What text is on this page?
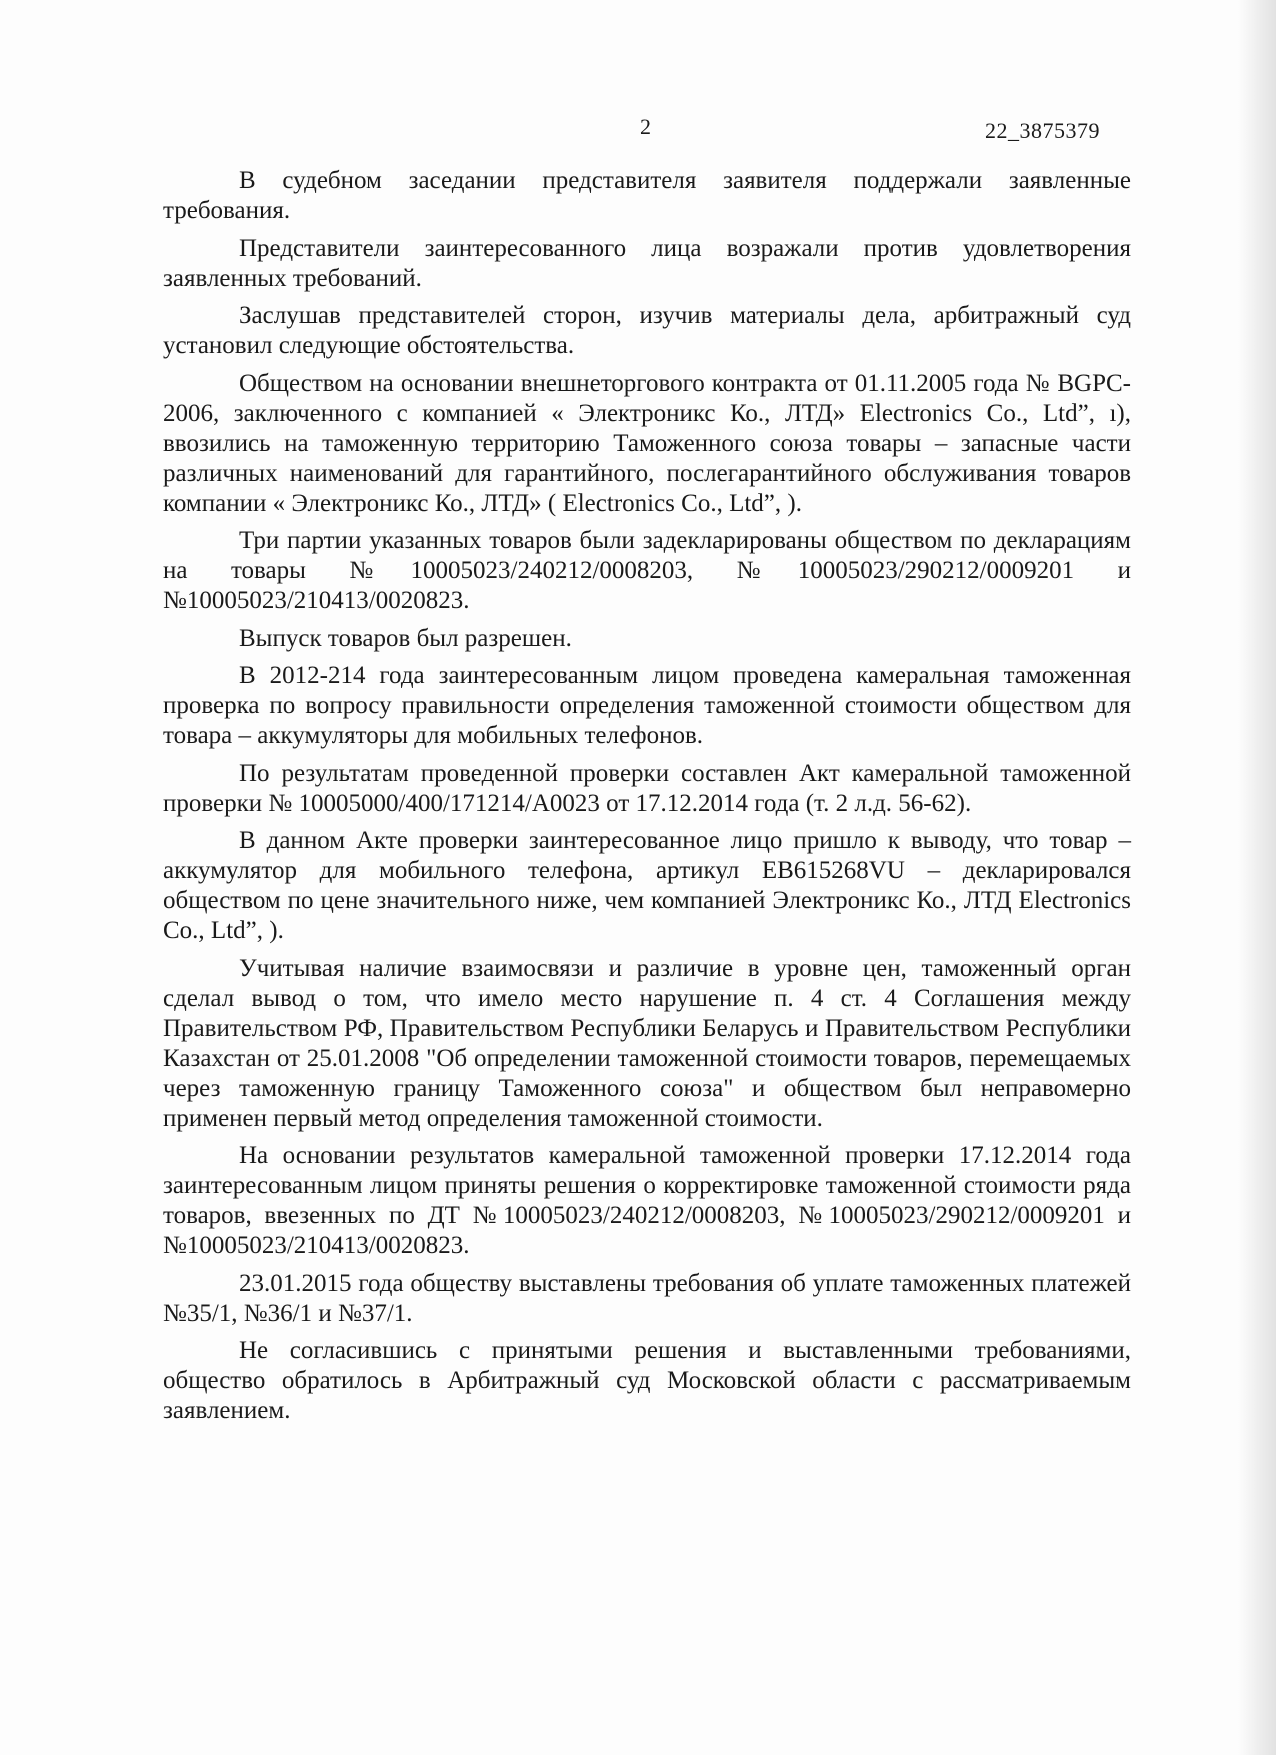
2	22_3875379

В судебном заседании представителя заявителя поддержали заявленные требования.

Представители заинтересованного лица возражали против удовлетворения заявленных требований.

Заслушав представителей сторон, изучив материалы дела, арбитражный суд установил следующие обстоятельства.

Обществом на основании внешнеторгового контракта от 01.11.2005 года № BGPC-2006, заключенного с компанией « Электроникс Ко., ЛТД» Electronics Co., Ltd”, ı), ввозились на таможенную территорию Таможенного союза товары – запасные части различных наименований для гарантийного, послегарантийного обслуживания товаров компании « Электроникс Ко., ЛТД» ( Electronics Co., Ltd”, ).

Три партии указанных товаров были задекларированы обществом по декларациям на товары №10005023/240212/0008203, №10005023/290212/0009201 и №10005023/210413/0020823.

Выпуск товаров был разрешен.

В 2012-214 года заинтересованным лицом проведена камеральная таможенная проверка по вопросу правильности определения таможенной стоимости обществом для товара – аккумуляторы для мобильных телефонов.

По результатам проведенной проверки составлен Акт камеральной таможенной проверки № 10005000/400/171214/А0023 от 17.12.2014 года (т. 2 л.д. 56-62).

В данном Акте проверки заинтересованное лицо пришло к выводу, что товар – аккумулятор для мобильного телефона, артикул EB615268VU – декларировался обществом по цене значительного ниже, чем компанией Электроникс Ко., ЛТД Electronics Co., Ltd”, ).

Учитывая наличие взаимосвязи и различие в уровне цен, таможенный орган сделал вывод о том, что имело место нарушение п. 4 ст. 4 Соглашения между Правительством РФ, Правительством Республики Беларусь и Правительством Республики Казахстан от 25.01.2008 "Об определении таможенной стоимости товаров, перемещаемых через таможенную границу Таможенного союза" и обществом был неправомерно применен первый метод определения таможенной стоимости.

На основании результатов камеральной таможенной проверки 17.12.2014 года заинтересованным лицом приняты решения о корректировке таможенной стоимости ряда товаров, ввезенных по ДТ №10005023/240212/0008203, №10005023/290212/0009201 и №10005023/210413/0020823.

23.01.2015 года обществу выставлены требования об уплате таможенных платежей №35/1, №36/1 и №37/1.

Не согласившись с принятыми решения и выставленными требованиями, общество обратилось в Арбитражный суд Московской области с рассматриваемым заявлением.
